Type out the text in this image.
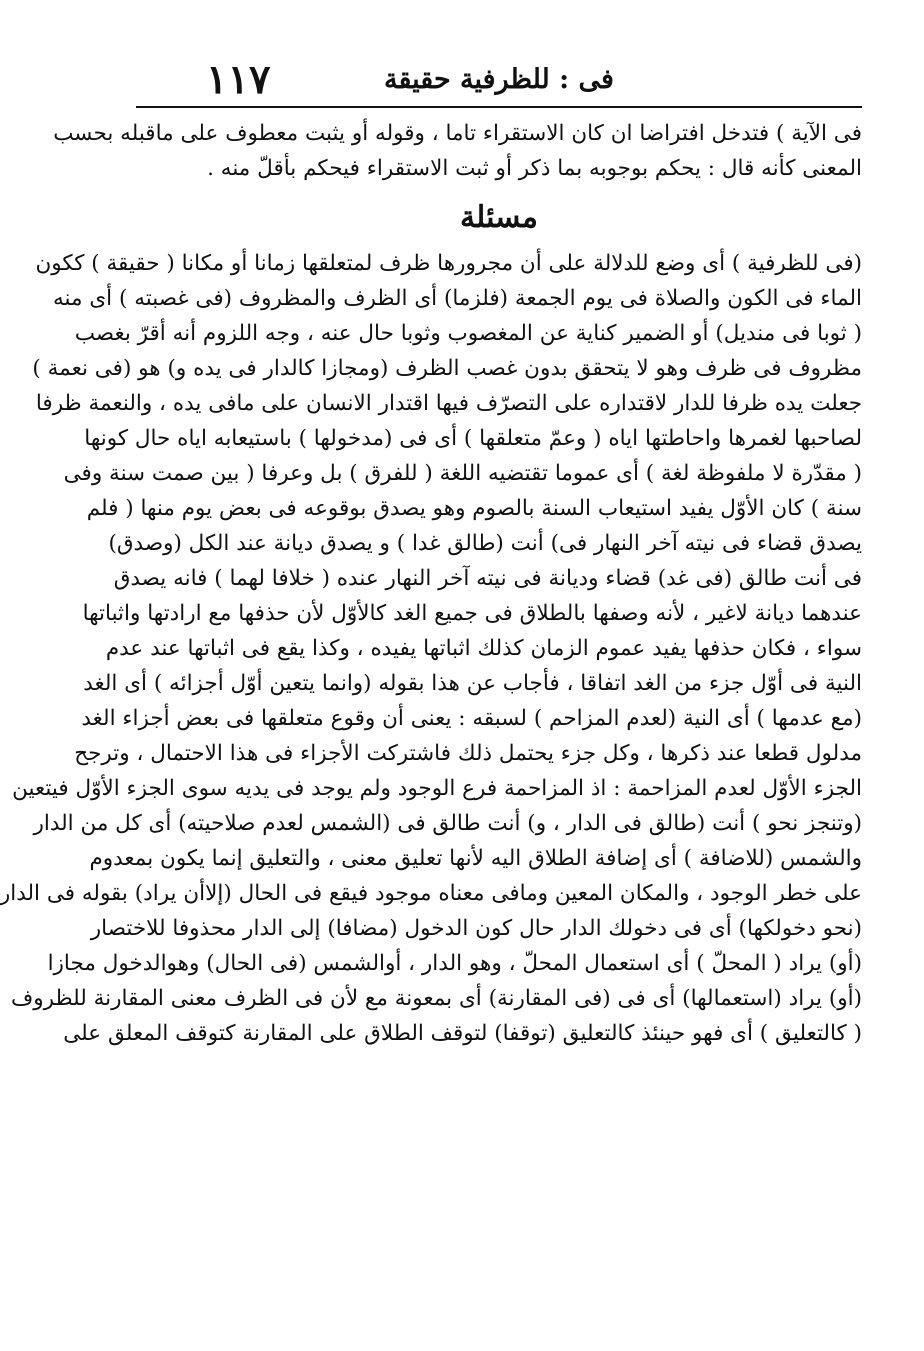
١١٧	فى : للظرفية حقيقة
فى الآية ) فتدخل افتراضا ان كان الاستقراء تاما ، وقوله أو يثبت معطوف على ماقبله بحسب
المعنى كأنه قال : يحكم بوجوبه بما ذكر أو ثبت الاستقراء فيحكم بأقلّ منه .
مسئلة
(فى للظرفية ) أى وضع للدلالة على أن مجرورها ظرف لمتعلقها زمانا أو مكانا ( حقيقة ) ككون
الماء فى الكون والصلاة فى يوم الجمعة (فلزما) أى الظرف والمظروف (فى غصبته ) أى منه
( ثوبا فى منديل) أو الضمير كناية عن المغصوب وثوبا حال عنه ، وجه اللزوم أنه أقرّ بغصب
مظروف فى ظرف وهو لا يتحقق بدون غصب الظرف (ومجازا كالدار فى يده و) هو (فى نعمة )
جعلت يده ظرفا للدار لاقتداره على التصرّف فيها اقتدار الانسان على مافى يده ، والنعمة ظرفا
لصاحبها لغمرها واحاطتها اياه ( وعمّ متعلقها ) أى فى (مدخولها ) باستيعابه اياه حال كونها
( مقدّرة لا ملفوظة لغة ) أى عموما تقتضيه اللغة ( للفرق ) بل وعرفا ( بين صمت سنة وفى
سنة ) كان الأوّل يفيد استيعاب السنة بالصوم وهو يصدق بوقوعه فى بعض يوم منها ( فلم
يصدق قضاء فى نيته آخر النهار فى) أنت (طالق غدا ) و يصدق ديانة عند الكل (وصدق)
فى أنت طالق (فى غد) قضاء وديانة فى نيته آخر النهار عنده ( خلافا لهما ) فانه يصدق
عندهما ديانة لاغير ، لأنه وصفها بالطلاق فى جميع الغد كالأوّل لأن حذفها مع ارادتها واثباتها
سواء ، فكان حذفها يفيد عموم الزمان كذلك اثباتها يفيده ، وكذا يقع فى اثباتها عند عدم
النية فى أوّل جزء من الغد اتفاقا ، فأجاب عن هذا بقوله (وانما يتعين أوّل أجزائه ) أى الغد
(مع عدمها ) أى النية (لعدم المزاحم ) لسبقه : يعنى أن وقوع متعلقها فى بعض أجزاء الغد
مدلول قطعا عند ذكرها ، وكل جزء يحتمل ذلك فاشتركت الأجزاء فى هذا الاحتمال ، وترجح
الجزء الأوّل لعدم المزاحمة : اذ المزاحمة فرع الوجود ولم يوجد فى يديه سوى الجزء الأوّل فيتعين
(وتنجز نحو ) أنت (طالق فى الدار ، و) أنت طالق فى (الشمس لعدم صلاحيته) أى كل من الدار
والشمس (للاضافة ) أى إضافة الطلاق اليه لأنها تعليق معنى ، والتعليق إنما يكون بمعدوم
على خطر الوجود ، والمكان المعين ومافى معناه موجود فيقع فى الحال (إلاأن يراد) بقوله فى الدار
(نحو دخولكها) أى فى دخولك الدار حال كون الدخول (مضافا) إلى الدار محذوفا للاختصار
(أو) يراد ( المحلّ ) أى استعمال المحلّ ، وهو الدار ، أوالشمس (فى الحال) وهوالدخول مجازا
(أو) يراد (استعمالها) أى فى (فى المقارنة) أى بمعونة مع لأن فى الظرف معنى المقارنة للظروف
( كالتعليق ) أى فهو حينئذ كالتعليق (توقفا) لتوقف الطلاق على المقارنة كتوقف المعلق على
